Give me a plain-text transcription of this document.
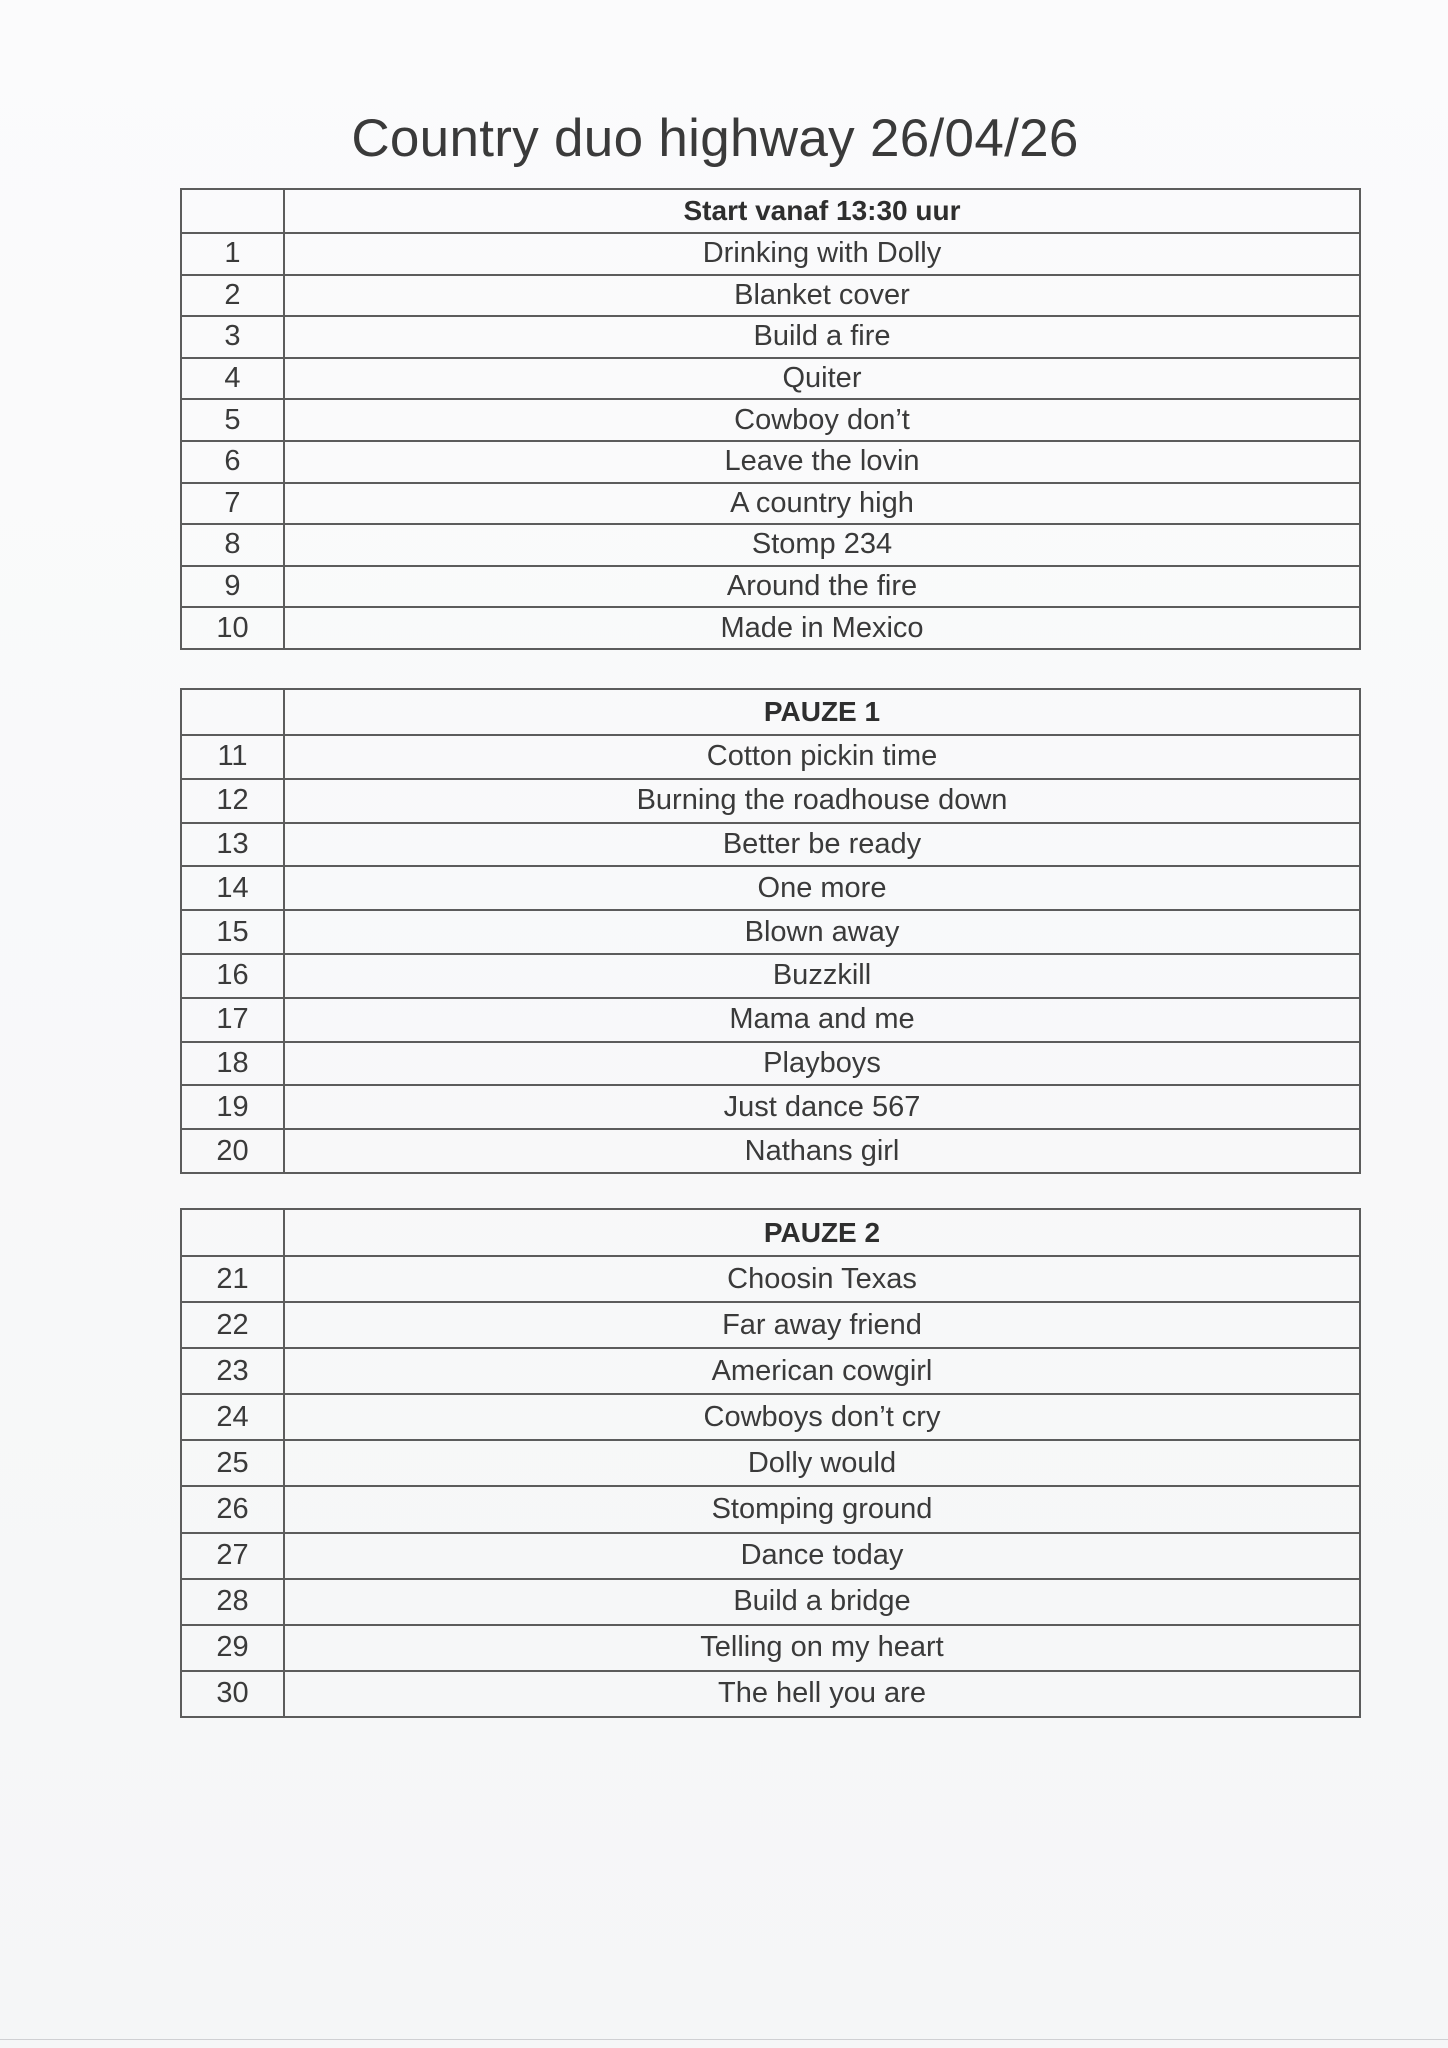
Country duo highway 26/04/26
	Start vanaf 13:30 uur
1	Drinking with Dolly
2	Blanket cover
3	Build a fire
4	Quiter
5	Cowboy don’t
6	Leave the lovin
7	A country high
8	Stomp 234
9	Around the fire
10	Made in Mexico
	PAUZE 1
11	Cotton pickin time
12	Burning the roadhouse down
13	Better be ready
14	One more
15	Blown away
16	Buzzkill
17	Mama and me
18	Playboys
19	Just dance 567
20	Nathans girl
	PAUZE 2
21	Choosin Texas
22	Far away friend
23	American cowgirl
24	Cowboys don’t cry
25	Dolly would
26	Stomping ground
27	Dance today
28	Build a bridge
29	Telling on my heart
30	The hell you are
